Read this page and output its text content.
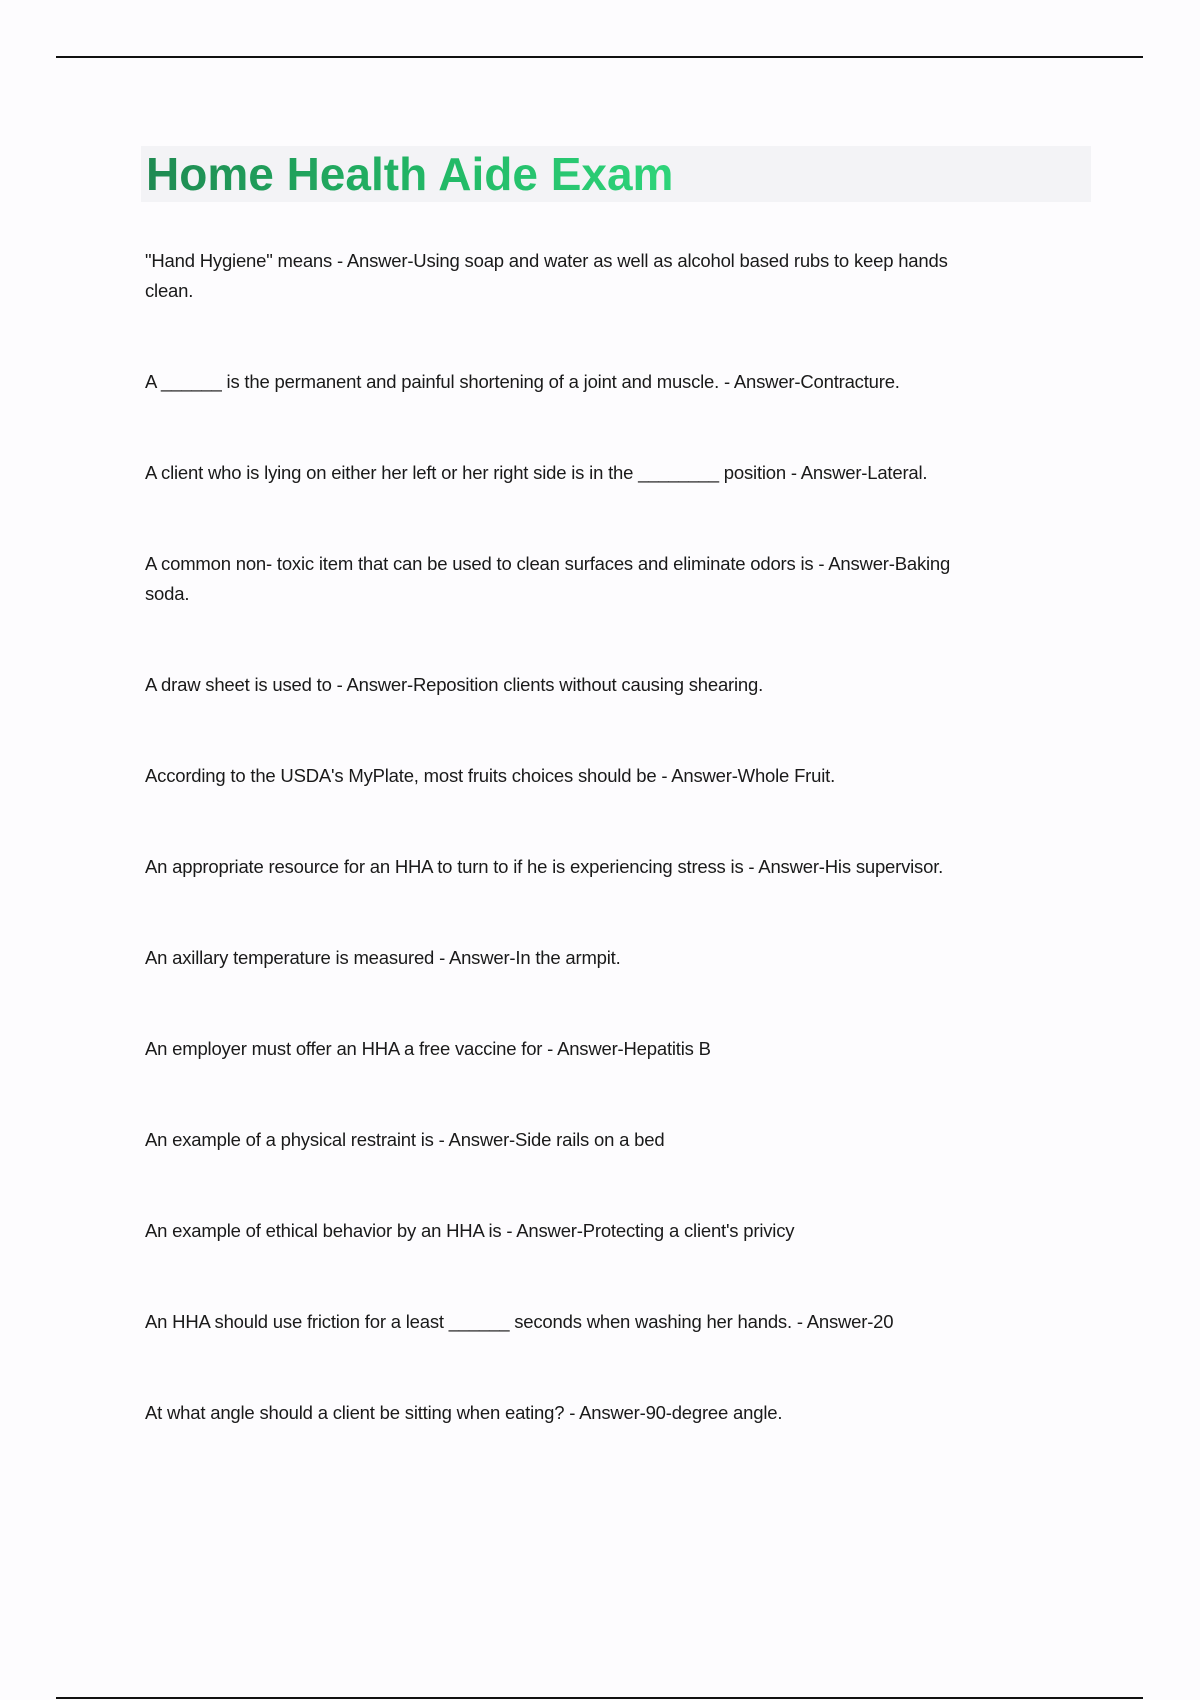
Home Health Aide Exam

"Hand Hygiene" means - Answer-Using soap and water as well as alcohol based rubs to keep hands
clean.

A ______ is the permanent and painful shortening of a joint and muscle. - Answer-Contracture.

A client who is lying on either her left or her right side is in the ________ position - Answer-Lateral.

A common non- toxic item that can be used to clean surfaces and eliminate odors is - Answer-Baking
soda.

A draw sheet is used to - Answer-Reposition clients without causing shearing.

According to the USDA's MyPlate, most fruits choices should be - Answer-Whole Fruit.

An appropriate resource for an HHA to turn to if he is experiencing stress is - Answer-His supervisor.

An axillary temperature is measured - Answer-In the armpit.

An employer must offer an HHA a free vaccine for - Answer-Hepatitis B

An example of a physical restraint is - Answer-Side rails on a bed

An example of ethical behavior by an HHA is - Answer-Protecting a client's privicy

An HHA should use friction for a least ______ seconds when washing her hands. - Answer-20

At what angle should a client be sitting when eating? - Answer-90-degree angle.
